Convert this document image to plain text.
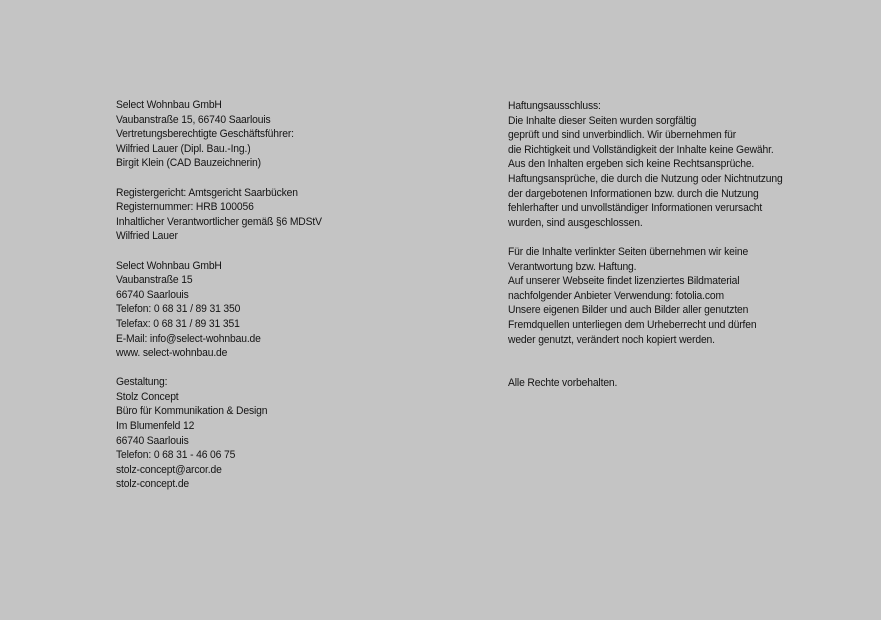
Select Wohnbau GmbH
Vaubanstraße 15, 66740 Saarlouis
Vertretungsberechtigte Geschäftsführer:
Wilfried Lauer (Dipl. Bau.-Ing.)
Birgit Klein (CAD Bauzeichnerin)
Registergericht: Amtsgericht Saarbücken
Registernummer: HRB 100056
Inhaltlicher Verantwortlicher gemäß §6 MDStV
Wilfried Lauer
Select Wohnbau GmbH
Vaubanstraße 15
66740 Saarlouis
Telefon: 0 68 31 / 89 31 350
Telefax: 0 68 31 / 89 31 351
E-Mail: info@select-wohnbau.de
www. select-wohnbau.de
Gestaltung:
Stolz Concept
Büro für Kommunikation & Design
Im Blumenfeld 12
66740 Saarlouis
Telefon: 0 68 31 - 46 06 75
stolz-concept@arcor.de
stolz-concept.de
Haftungsausschluss:
Die Inhalte dieser Seiten wurden sorgfältig
geprüft und sind unverbindlich. Wir übernehmen für
die Richtigkeit und Vollständigkeit der Inhalte keine Gewähr.
Aus den Inhalten ergeben sich keine Rechtsansprüche.
Haftungsansprüche, die durch die Nutzung oder Nichtnutzung
der dargebotenen Informationen bzw. durch die Nutzung
fehlerhafter und unvollständiger Informationen verursacht
wurden, sind ausgeschlossen.
Für die Inhalte verlinkter Seiten übernehmen wir keine
Verantwortung bzw. Haftung.
Auf unserer Webseite findet lizenziertes Bildmaterial
nachfolgender Anbieter Verwendung: fotolia.com
Unsere eigenen Bilder und auch Bilder aller genutzten
Fremdquellen unterliegen dem Urheberrecht und dürfen
weder genutzt, verändert noch kopiert werden.
Alle Rechte vorbehalten.
